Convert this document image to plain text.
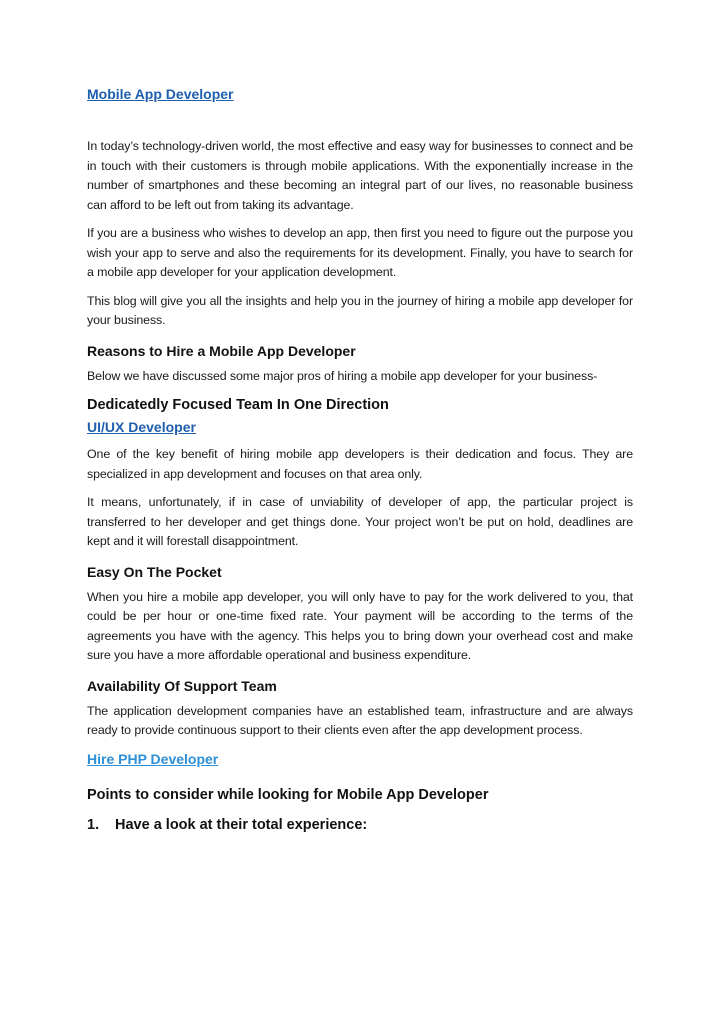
Mobile App Developer

In today’s technology-driven world, the most effective and easy way for businesses to connect and be in touch with their customers is through mobile applications. With the exponentially increase in the number of smartphones and these becoming an integral part of our lives, no reasonable business can afford to be left out from taking its advantage.

If you are a business who wishes to develop an app, then first you need to figure out the purpose you wish your app to serve and also the requirements for its development. Finally, you have to search for a mobile app developer for your application development.

This blog will give you all the insights and help you in the journey of hiring a mobile app developer for your business.

Reasons to Hire a Mobile App Developer

Below we have discussed some major pros of hiring a mobile app developer for your business-

Dedicatedly Focused Team In One Direction
UI/UX Developer

One of the key benefit of hiring mobile app developers is their dedication and focus. They are specialized in app development and focuses on that area only.

It means, unfortunately, if in case of unviability of developer of app, the particular project is transferred to her developer and get things done. Your project won’t be put on hold, deadlines are kept and it will forestall disappointment.

Easy On The Pocket

When you hire a mobile app developer, you will only have to pay for the work delivered to you, that could be per hour or one-time fixed rate. Your payment will be according to the terms of the agreements you have with the agency. This helps you to bring down your overhead cost and make sure you have a more affordable operational and business expenditure.

Availability Of Support Team

The application development companies have an established team, infrastructure and are always ready to provide continuous support to their clients even after the app development process.

Hire PHP Developer
Points to consider while looking for Mobile App Developer
1. Have a look at their total experience:
